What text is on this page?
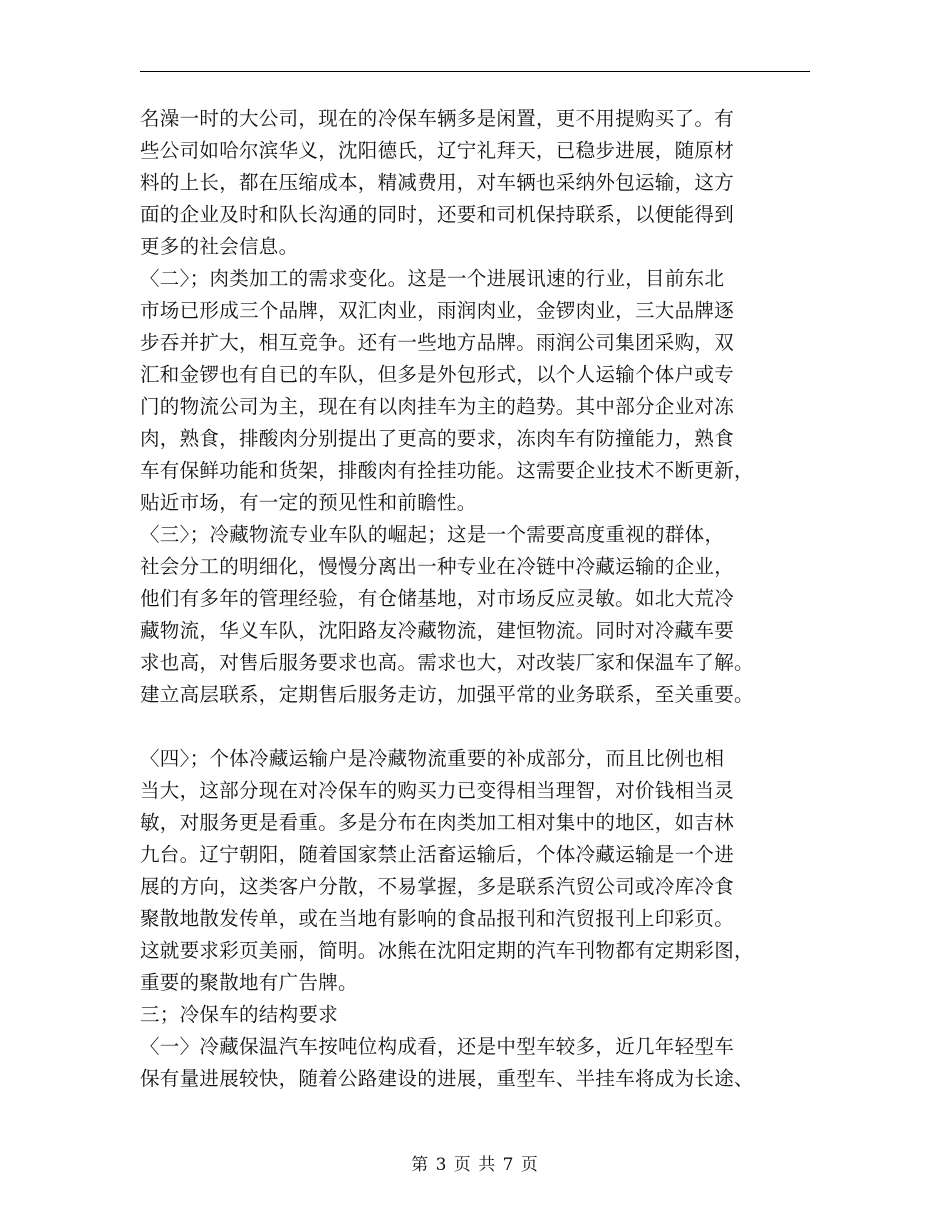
名澡一时的大公司，现在的冷保车辆多是闲置，更不用提购买了。有

些公司如哈尔滨华义，沈阳德氏，辽宁礼拜天，已稳步进展，随原材

料的上长，都在压缩成本，精减费用，对车辆也采纳外包运输，这方

面的企业及时和队长沟通的同时，还要和司机保持联系，以便能得到

更多的社会信息。

〈二〉；肉类加工的需求变化。这是一个进展讯速的行业，目前东北

市场已形成三个品牌，双汇肉业，雨润肉业，金锣肉业，三大品牌逐

步吞并扩大，相互竞争。还有一些地方品牌。雨润公司集团采购，双

汇和金锣也有自已的车队，但多是外包形式，以个人运输个体户或专

门的物流公司为主，现在有以肉挂车为主的趋势。其中部分企业对冻

肉，熟食，排酸肉分别提出了更高的要求，冻肉车有防撞能力，熟食

车有保鲜功能和货架，排酸肉有拴挂功能。这需要企业技术不断更新，

贴近市场，有一定的预见性和前瞻性。

〈三〉；冷藏物流专业车队的崛起；这是一个需要高度重视的群体，

社会分工的明细化，慢慢分离出一种专业在冷链中冷藏运输的企业，

他们有多年的管理经验，有仓储基地，对市场反应灵敏。如北大荒冷

藏物流，华义车队，沈阳路友冷藏物流，建恒物流。同时对冷藏车要

求也高，对售后服务要求也高。需求也大，对改装厂家和保温车了解。

建立高层联系，定期售后服务走访，加强平常的业务联系，至关重要。

〈四〉；个体冷藏运输户是冷藏物流重要的补成部分，而且比例也相

当大，这部分现在对冷保车的购买力已变得相当理智，对价钱相当灵

敏，对服务更是看重。多是分布在肉类加工相对集中的地区，如吉林

九台。辽宁朝阳，随着国家禁止活畜运输后，个体冷藏运输是一个进

展的方向，这类客户分散，不易掌握，多是联系汽贸公司或冷库冷食

聚散地散发传单，或在当地有影响的食品报刊和汽贸报刊上印彩页。

这就要求彩页美丽，简明。冰熊在沈阳定期的汽车刊物都有定期彩图，

重要的聚散地有广告牌。

三；冷保车的结构要求

〈一〉冷藏保温汽车按吨位构成看，还是中型车较多，近几年轻型车

保有量进展较快，随着公路建设的进展，重型车、半挂车将成为长途、

第 3 页 共 7 页
